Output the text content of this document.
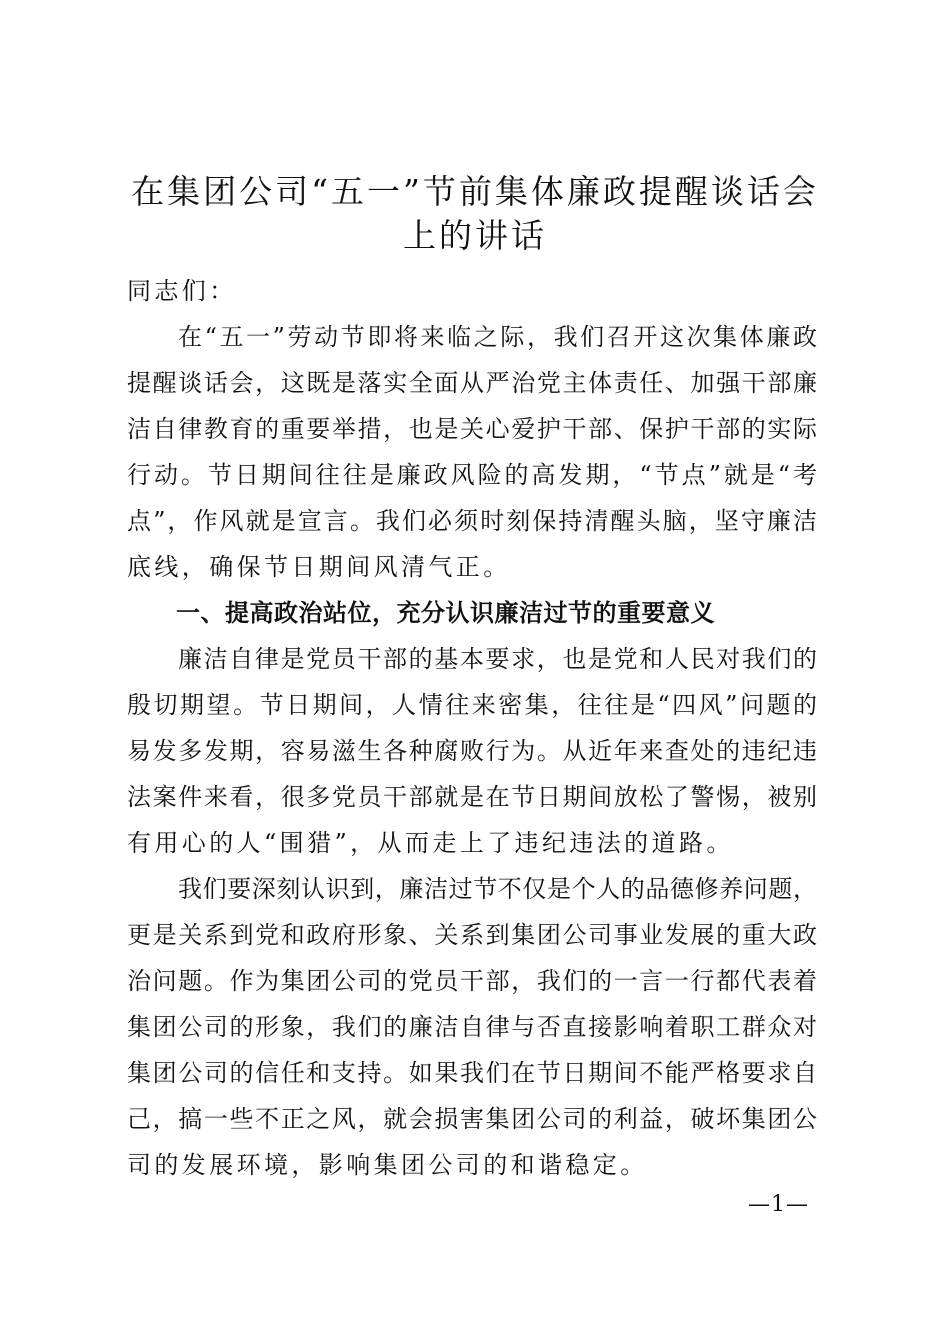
在集团公司“五一”节前集体廉政提醒谈话会
上的讲话
同志们：
在“五一”劳动节即将来临之际，我们召开这次集体廉政
提醒谈话会，这既是落实全面从严治党主体责任、加强干部廉
洁自律教育的重要举措，也是关心爱护干部、保护干部的实际
行动。节日期间往往是廉政风险的高发期，“节点”就是“考
点”，作风就是宣言。我们必须时刻保持清醒头脑，坚守廉洁
底线，确保节日期间风清气正。
一、提高政治站位，充分认识廉洁过节的重要意义
廉洁自律是党员干部的基本要求，也是党和人民对我们的
殷切期望。节日期间，人情往来密集，往往是“四风”问题的
易发多发期，容易滋生各种腐败行为。从近年来查处的违纪违
法案件来看，很多党员干部就是在节日期间放松了警惕，被别
有用心的人“围猎”，从而走上了违纪违法的道路。
我们要深刻认识到，廉洁过节不仅是个人的品德修养问题，
更是关系到党和政府形象、关系到集团公司事业发展的重大政
治问题。作为集团公司的党员干部，我们的一言一行都代表着
集团公司的形象，我们的廉洁自律与否直接影响着职工群众对
集团公司的信任和支持。如果我们在节日期间不能严格要求自
己，搞一些不正之风，就会损害集团公司的利益，破坏集团公
司的发展环境，影响集团公司的和谐稳定。
—1—
